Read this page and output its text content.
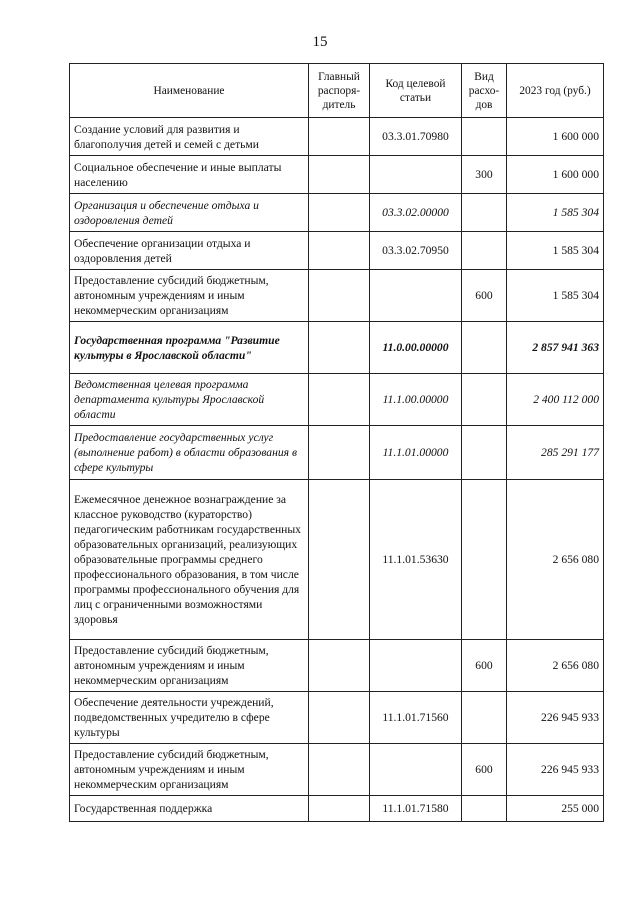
15
Наименование	Главный распоря-дитель	Код целевой статьи	Вид расхо-дов	2023 год (руб.)
Создание условий для развития и благополучия детей и семей с детьми		03.3.01.70980		1 600 000
Социальное обеспечение и иные выплаты населению			300	1 600 000
Организация и обеспечение отдыха и оздоровления детей		03.3.02.00000		1 585 304
Обеспечение организации отдыха и оздоровления детей		03.3.02.70950		1 585 304
Предоставление субсидий бюджетным, автономным учреждениям и иным некоммерческим организациям			600	1 585 304
Государственная программа "Развитие культуры в Ярославской области"		11.0.00.00000		2 857 941 363
Ведомственная целевая программа департамента культуры Ярославской области		11.1.00.00000		2 400 112 000
Предоставление государственных услуг (выполнение работ) в области образования в сфере культуры		11.1.01.00000		285 291 177
Ежемесячное денежное вознаграждение за классное руководство (кураторство) педагогическим работникам государственных образовательных организаций, реализующих образовательные программы среднего профессионального образования, в том числе программы профессионального обучения для лиц с ограниченными возможностями здоровья		11.1.01.53630		2 656 080
Предоставление субсидий бюджетным, автономным учреждениям и иным некоммерческим организациям			600	2 656 080
Обеспечение деятельности учреждений, подведомственных учредителю в сфере культуры		11.1.01.71560		226 945 933
Предоставление субсидий бюджетным, автономным учреждениям и иным некоммерческим организациям			600	226 945 933
Государственная поддержка		11.1.01.71580		255 000
